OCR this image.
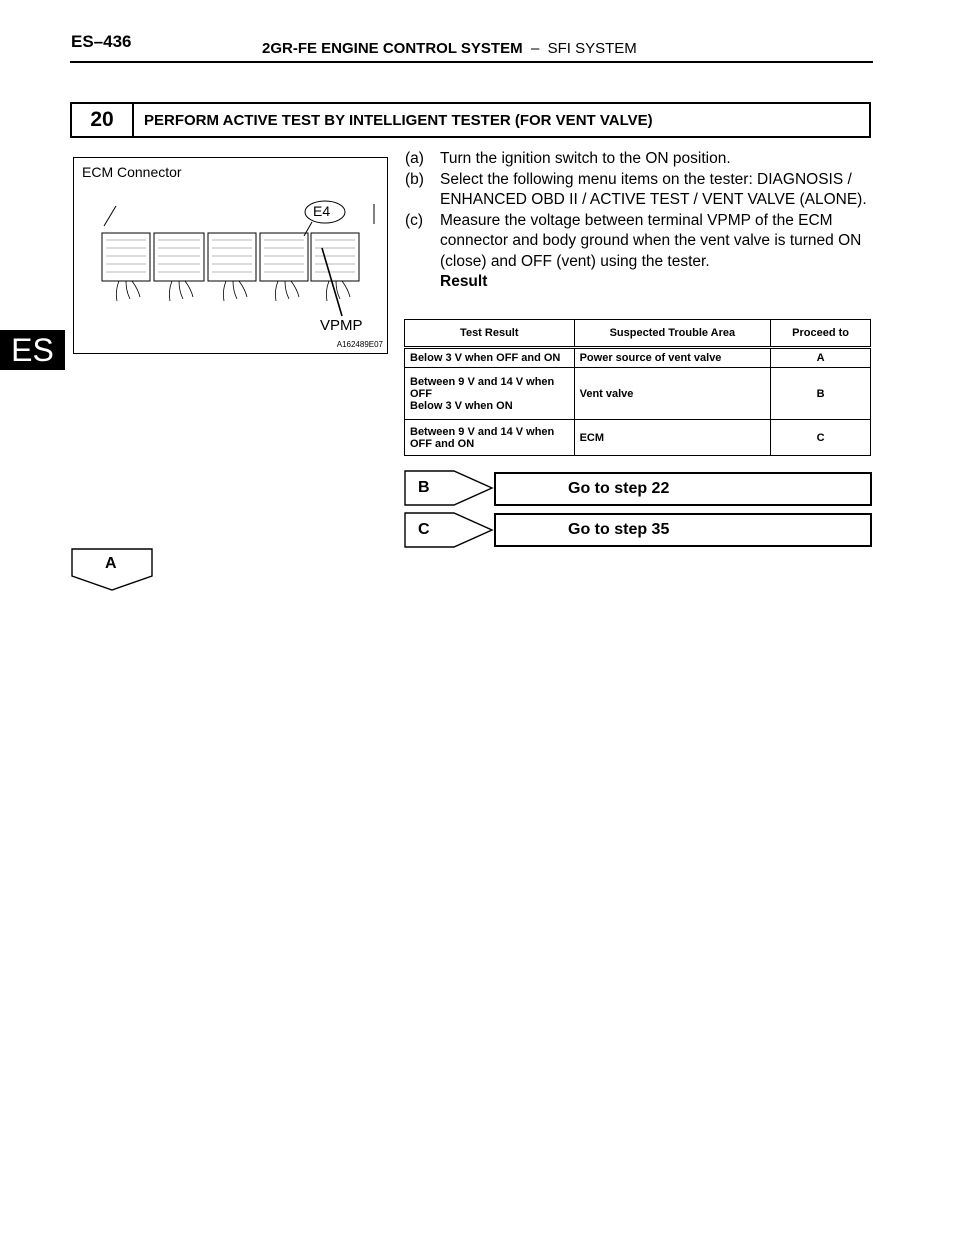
ES–436	2GR-FE ENGINE CONTROL SYSTEM – SFI SYSTEM
ES
20	PERFORM ACTIVE TEST BY INTELLIGENT TESTER (FOR VENT VALVE)
ECM Connector
E4
VPMP
A162489E07

(a) Turn the ignition switch to the ON position.

(b) Select the following menu items on the tester: DIAGNOSIS / ENHANCED OBD II / ACTIVE TEST / VENT VALVE (ALONE).

(c) Measure the voltage between terminal VPMP of the ECM connector and body ground when the vent valve is turned ON (close) and OFF (vent) using the tester.

Result
Test Result	Suspected Trouble Area	Proceed to
Below 3 V when OFF and ON	Power source of vent valve	A
Between 9 V and 14 V when OFF
Below 3 V when ON	Vent valve	B
Between 9 V and 14 V when OFF and ON	ECM	C
B	Go to step 22
C	Go to step 35
A
